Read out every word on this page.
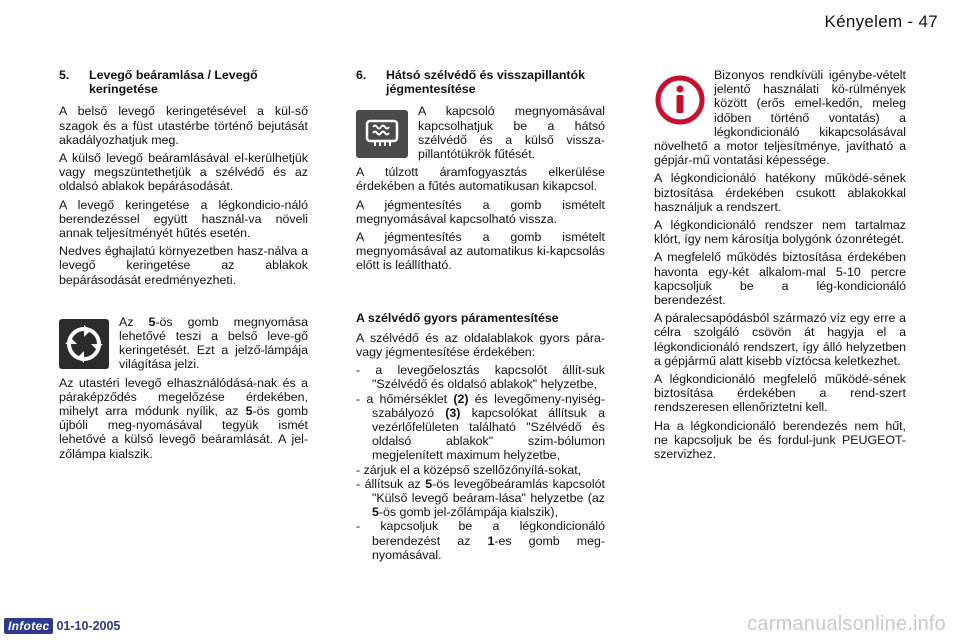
Kényelem - 47
5.	Levegő beáramlása / Levegő keringetése

A belső levegő keringetésével a kül-ső szagok és a füst utastérbe történő bejutását akadályozhatjuk meg.

A külső levegő beáramlásával el-kerülhetjük vagy megszüntethetjük a szélvédő és az oldalsó ablakok bepárásodását.

A levegő keringetése a légkondicio-náló berendezéssel együtt használ-va növeli annak teljesítményét hűtés esetén.

Nedves éghajlatú környezetben hasz-nálva a levegő keringetése az ablakok bepárásodását eredményezheti.

Az 5-ös gomb megnyomása lehetővé teszi a belső leve-gő keringetését. Ezt a jelző-lámpája világítása jelzi.

Az utastéri levegő elhasználódásá-nak és a páraképződés megelőzése érdekében, mihelyt arra módunk nyílik, az 5-ös gomb újbóli meg-nyomásával tegyük ismét lehetővé a külső levegő beáramlását. A jel-zőlámpa kialszik.

6.	Hátsó szélvédő és visszapillantók jégmentesítése

A kapcsoló megnyomásával kapcsolhatjuk be a hátsó szélvédő és a külső vissza-pillantótükrök fűtését.

A túlzott áramfogyasztás elkerülése érdekében a fűtés automatikusan kikapcsol.

A jégmentesítés a gomb ismételt megnyomásával kapcsolható vissza.

A jégmentesítés a gomb ismételt megnyomásával az automatikus ki-kapcsolás előtt is leállítható.

A szélvédő gyors páramentesítése

A szélvédő és az oldalablakok gyors pára- vagy jégmentesítése érdekében:

- a levegőelosztás kapcsolót állít-suk "Szélvédő és oldalsó ablakok" helyzetbe,

- a hőmérséklet (2) és levegőmeny-nyiség-szabályozó (3) kapcsolókat állítsuk a vezérlőfelületen található "Szélvédő és oldalsó ablakok" szim-bólumon megjelenített maximum helyzetbe,

- zárjuk el a középső szellőzőnyílá-sokat,

- állítsuk az 5-ös levegőbeáramlás kapcsolót "Külső levegő beáram-lása" helyzetbe (az 5-ös gomb jel-zőlámpája kialszik),

- kapcsoljuk be a légkondicionáló berendezést az 1-es gomb meg-nyomásával.

Bizonyos rendkívüli igénybe-vételt jelentő használati kö-rülmények között (erős emel-kedőn, meleg időben történő vontatás) a légkondicionáló kikapcsolásával növelhető a motor teljesítménye, javítható a gépjár-mű vontatási képessége.

A légkondicionáló hatékony működé-sének biztosítása érdekében csukott ablakokkal használjuk a rendszert.

A légkondicionáló rendszer nem tartalmaz klórt, így nem károsítja bolygónk ózonrétegét.

A megfelelő működés biztosítása érdekében havonta egy-két alkalom-mal 5-10 percre kapcsoljuk be a lég-kondicionáló berendezést.

A páralecsapódásból származó víz egy erre a célra szolgáló csövön át hagyja el a légkondicionáló rendszert, így álló helyzetben a gépjármű alatt kisebb víztócsa keletkezhet.

A légkondicionáló megfelelő működé-sének biztosítása érdekében a rend-szert rendszeresen ellenőriztetni kell.

Ha a légkondicionáló berendezés nem hűt, ne kapcsoljuk be és fordul-junk PEUGEOT-szervizhez.

Infotec 01-10-2005	carmanualsonline.info
